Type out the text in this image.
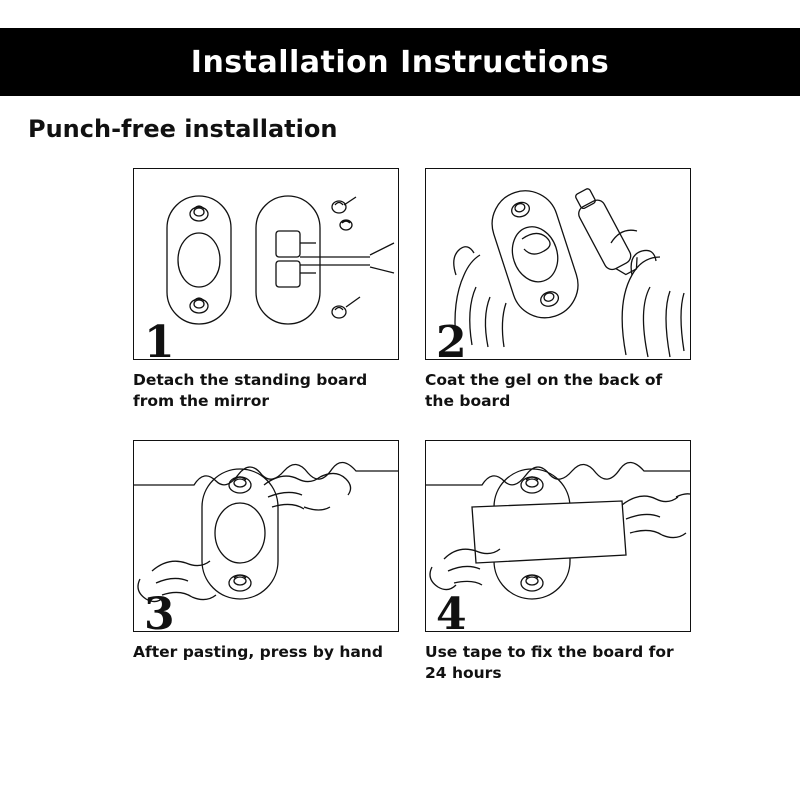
Installation Instructions
Punch-free installation
1
Detach the standing board from the mirror
2
Coat the gel on the back of the board
3
After pasting, press by hand
4
Use tape to fix the board for 24 hours
